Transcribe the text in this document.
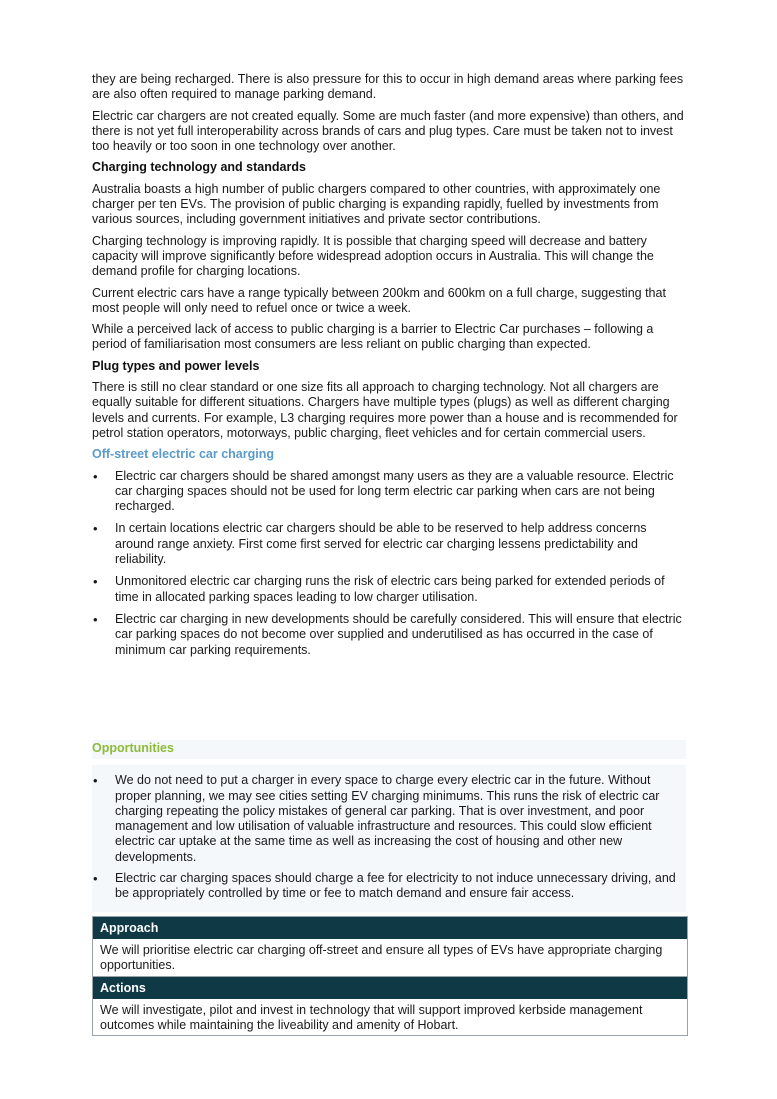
they are being recharged. There is also pressure for this to occur in high demand areas where parking fees are also often required to manage parking demand.

Electric car chargers are not created equally. Some are much faster (and more expensive) than others, and there is not yet full interoperability across brands of cars and plug types. Care must be taken not to invest too heavily or too soon in one technology over another.

Charging technology and standards

Australia boasts a high number of public chargers compared to other countries, with approximately one charger per ten EVs. The provision of public charging is expanding rapidly, fuelled by investments from various sources, including government initiatives and private sector contributions.

Charging technology is improving rapidly. It is possible that charging speed will decrease and battery capacity will improve significantly before widespread adoption occurs in Australia. This will change the demand profile for charging locations.

Current electric cars have a range typically between 200km and 600km on a full charge, suggesting that most people will only need to refuel once or twice a week.

While a perceived lack of access to public charging is a barrier to Electric Car purchases – following a period of familiarisation most consumers are less reliant on public charging than expected.

Plug types and power levels

There is still no clear standard or one size fits all approach to charging technology. Not all chargers are equally suitable for different situations. Chargers have multiple types (plugs) as well as different charging levels and currents. For example, L3 charging requires more power than a house and is recommended for petrol station operators, motorways, public charging, fleet vehicles and for certain commercial users.

Off-street electric car charging
• Electric car chargers should be shared amongst many users as they are a valuable resource. Electric car charging spaces should not be used for long term electric car parking when cars are not being recharged.
• In certain locations electric car chargers should be able to be reserved to help address concerns around range anxiety. First come first served for electric car charging lessens predictability and reliability.
• Unmonitored electric car charging runs the risk of electric cars being parked for extended periods of time in allocated parking spaces leading to low charger utilisation.
• Electric car charging in new developments should be carefully considered. This will ensure that electric car parking spaces do not become over supplied and underutilised as has occurred in the case of minimum car parking requirements.
Opportunities
• We do not need to put a charger in every space to charge every electric car in the future. Without proper planning, we may see cities setting EV charging minimums. This runs the risk of electric car charging repeating the policy mistakes of general car parking. That is over investment, and poor management and low utilisation of valuable infrastructure and resources. This could slow efficient electric car uptake at the same time as well as increasing the cost of housing and other new developments.
• Electric car charging spaces should charge a fee for electricity to not induce unnecessary driving, and be appropriately controlled by time or fee to match demand and ensure fair access.
Approach
We will prioritise electric car charging off-street and ensure all types of EVs have appropriate charging opportunities.
Actions
We will investigate, pilot and invest in technology that will support improved kerbside management outcomes while maintaining the liveability and amenity of Hobart.
